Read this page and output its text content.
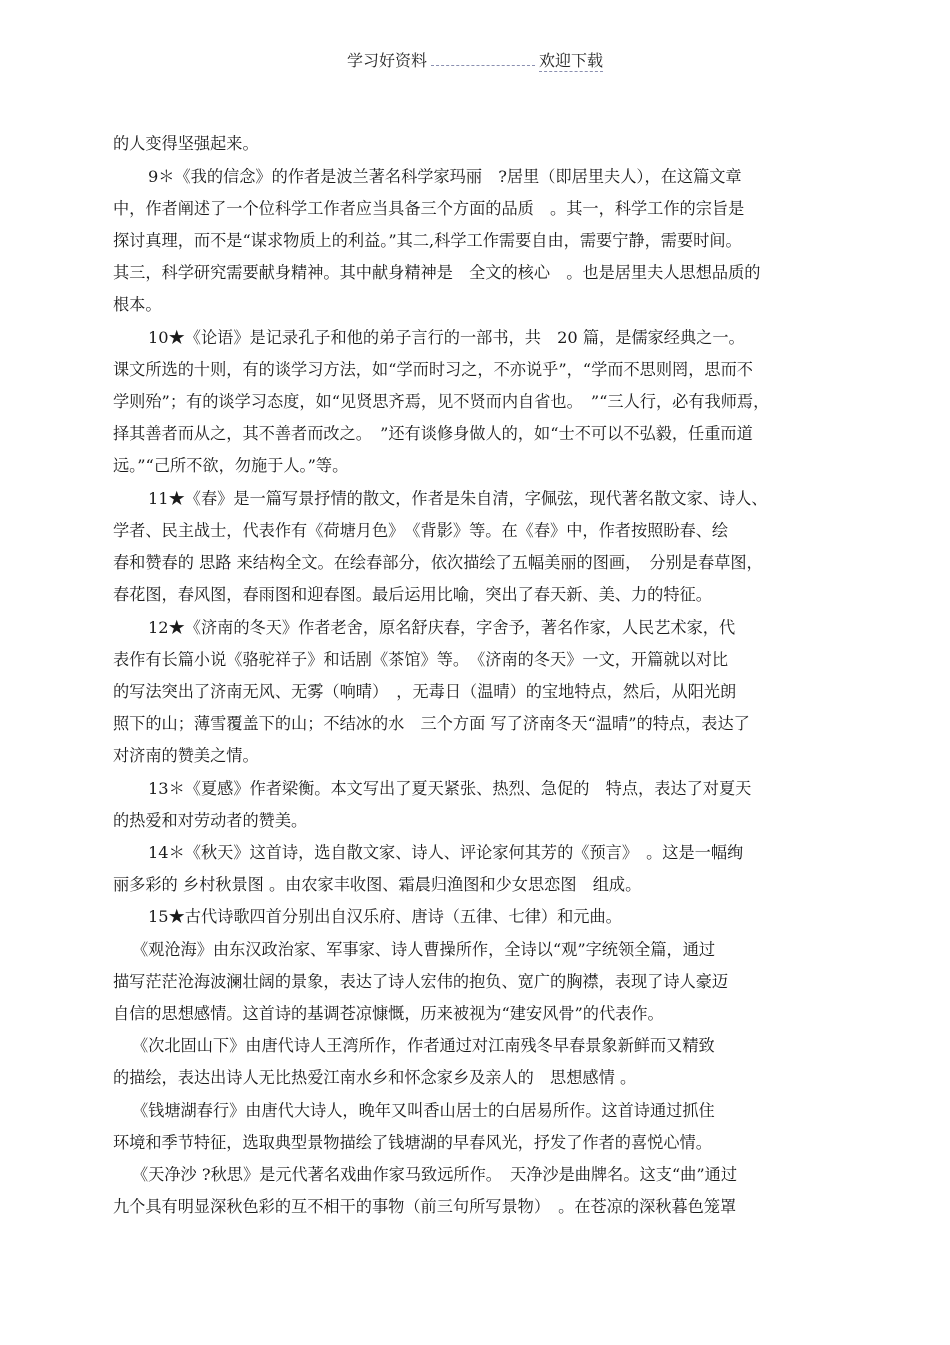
学习好资料	欢迎下载
的人变得坚强起来。
9＊《我的信念》的作者是波兰著名科学家玛丽　?居里（即居里夫人），在这篇文章
中，作者阐述了一个位科学工作者应当具备三个方面的品质　。其一，科学工作的宗旨是
探讨真理，而不是“谋求物质上的利益。”其二,科学工作需要自由，需要宁静，需要时间。
其三，科学研究需要献身精神。其中献身精神是　全文的核心　。也是居里夫人思想品质的
根本。
10★《论语》是记录孔子和他的弟子言行的一部书，共　20 篇，是儒家经典之一。
课文所选的十则，有的谈学习方法，如“学而时习之，不亦说乎”，“学而不思则罔，思而不
学则殆”；有的谈学习态度，如“见贤思齐焉，见不贤而内自省也。　”“三人行，必有我师焉，
择其善者而从之，其不善者而改之。　”还有谈修身做人的，如“士不可以不弘毅，任重而道
远。”“己所不欲，勿施于人。”等。
11★《春》是一篇写景抒情的散文，作者是朱自清，字佩弦，现代著名散文家、诗人、
学者、民主战士，代表作有《荷塘月色》　《背影》等。在《春》中，作者按照盼春、绘
春和赞春的 思路 来结构全文。在绘春部分，依次描绘了五幅美丽的图画，　分别是春草图，
春花图，春风图，春雨图和迎春图。最后运用比喻，突出了春天新、美、力的特征。
12★《济南的冬天》作者老舍，原名舒庆春，字舍予，著名作家，人民艺术家，代
表作有长篇小说《骆驼祥子》和话剧《茶馆》等。　《济南的冬天》一文，开篇就以对比
的写法突出了济南无风、无雾（响晴）　，无毒日（温晴）的宝地特点，然后，从阳光朗
照下的山；薄雪覆盖下的山；不结冰的水　三个方面 写了济南冬天“温晴”的特点，表达了
对济南的赞美之情。
13＊《夏感》作者梁衡。本文写出了夏天紧张、热烈、急促的　特点，表达了对夏天
的热爱和对劳动者的赞美。
14＊《秋天》这首诗，选自散文家、诗人、评论家何其芳的《预言》　。这是一幅绚
丽多彩的 乡村秋景图 。由农家丰收图、霜晨归渔图和少女思恋图　组成。
15★古代诗歌四首分别出自汉乐府、唐诗（五律、七律）和元曲。
《观沧海》由东汉政治家、军事家、诗人曹操所作，全诗以“观”字统领全篇，通过
描写茫茫沧海波澜壮阔的景象，表达了诗人宏伟的抱负、宽广的胸襟，表现了诗人豪迈
自信的思想感情。这首诗的基调苍凉慷慨，历来被视为“建安风骨”的代表作。
《次北固山下》由唐代诗人王湾所作，作者通过对江南残冬早春景象新鲜而又精致
的描绘，表达出诗人无比热爱江南水乡和怀念家乡及亲人的　思想感情 。
《钱塘湖春行》由唐代大诗人，晚年又叫香山居士的白居易所作。这首诗通过抓住
环境和季节特征，选取典型景物描绘了钱塘湖的早春风光，抒发了作者的喜悦心情。
《天净沙 ?秋思》是元代著名戏曲作家马致远所作。　天净沙是曲牌名。这支“曲”通过
九个具有明显深秋色彩的互不相干的事物（前三句所写景物）　。在苍凉的深秋暮色笼罩
